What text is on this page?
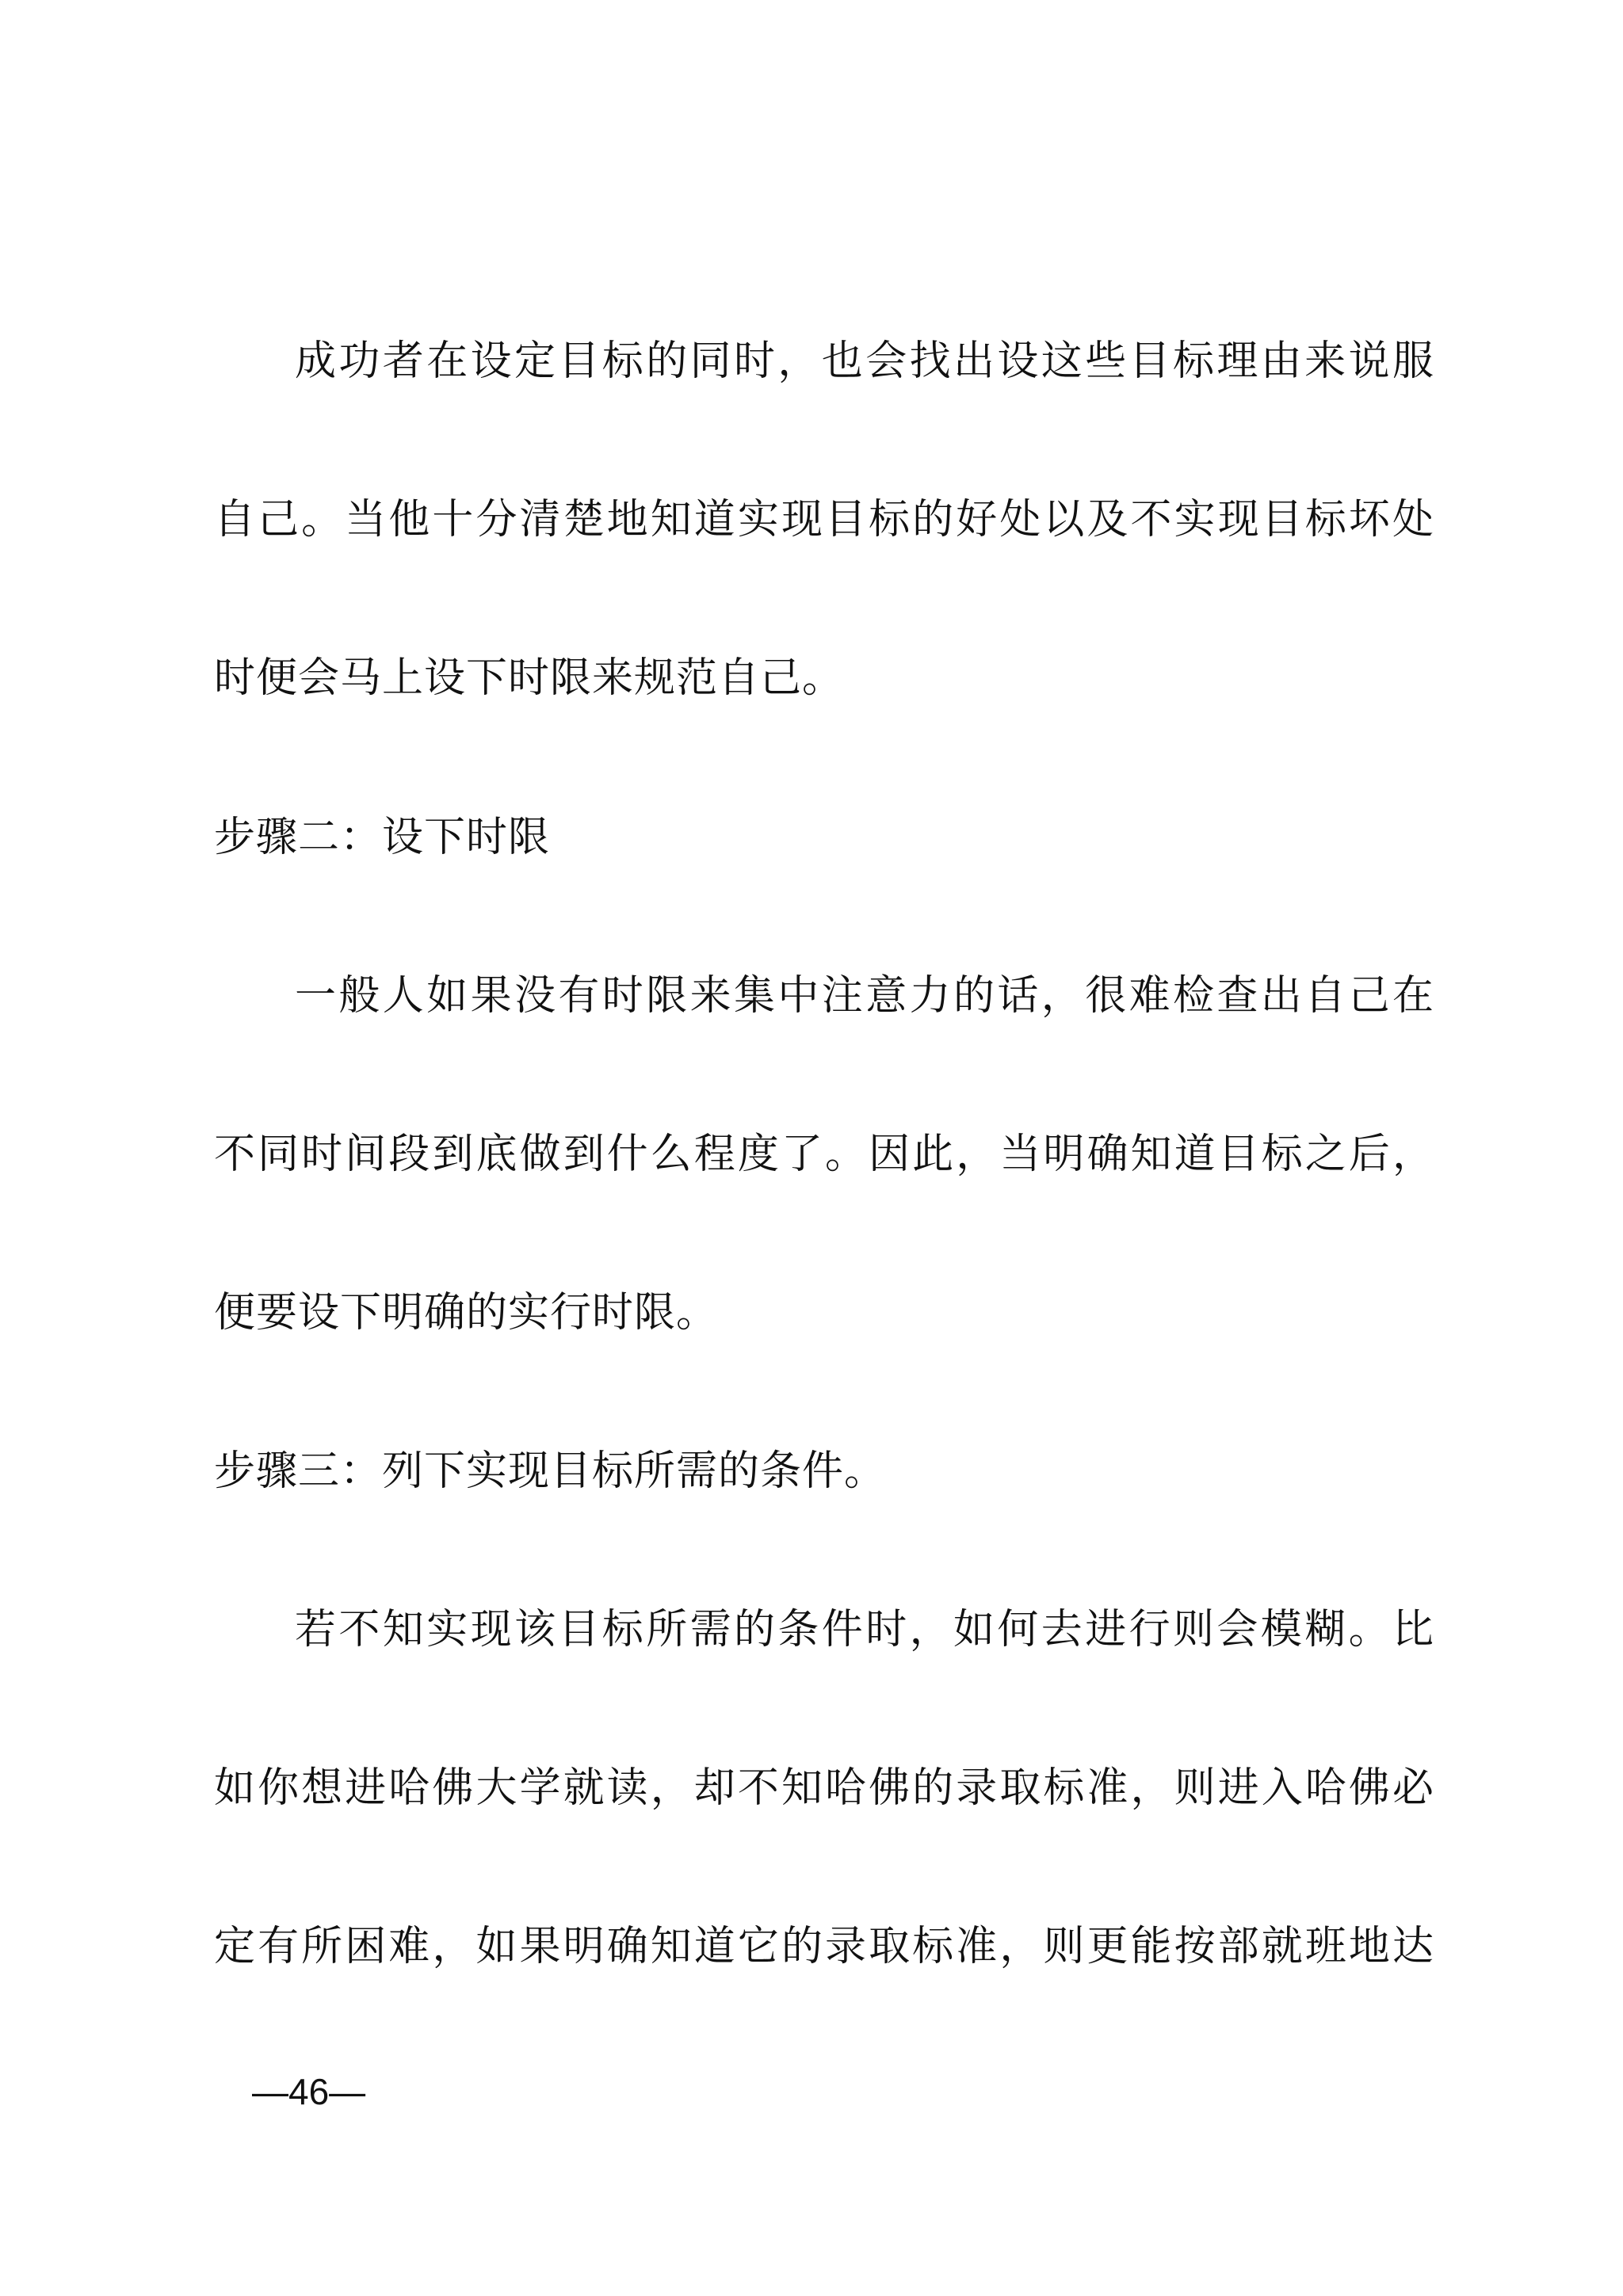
成功者在设定目标的同时，也会找出设这些目标理由来说服
自己。当他十分清楚地知道实现目标的好处以及不实现目标坏处
时便会马上设下时限来规范自己。
步骤二：设下时限
一般人如果没有时限来集中注意力的话，很难检查出自己在
不同时间段到底做到什么程度了。因此，当明确知道目标之后，
便要设下明确的实行时限。
步骤三：列下实现目标所需的条件。
若不知实现该目标所需的条件时，如何去进行则会模糊。比
如你想进哈佛大学就读，却不知哈佛的录取标准，则进入哈佛必
定有所困难，如果明确知道它的录取标准，则更能按部就班地达
—46—
